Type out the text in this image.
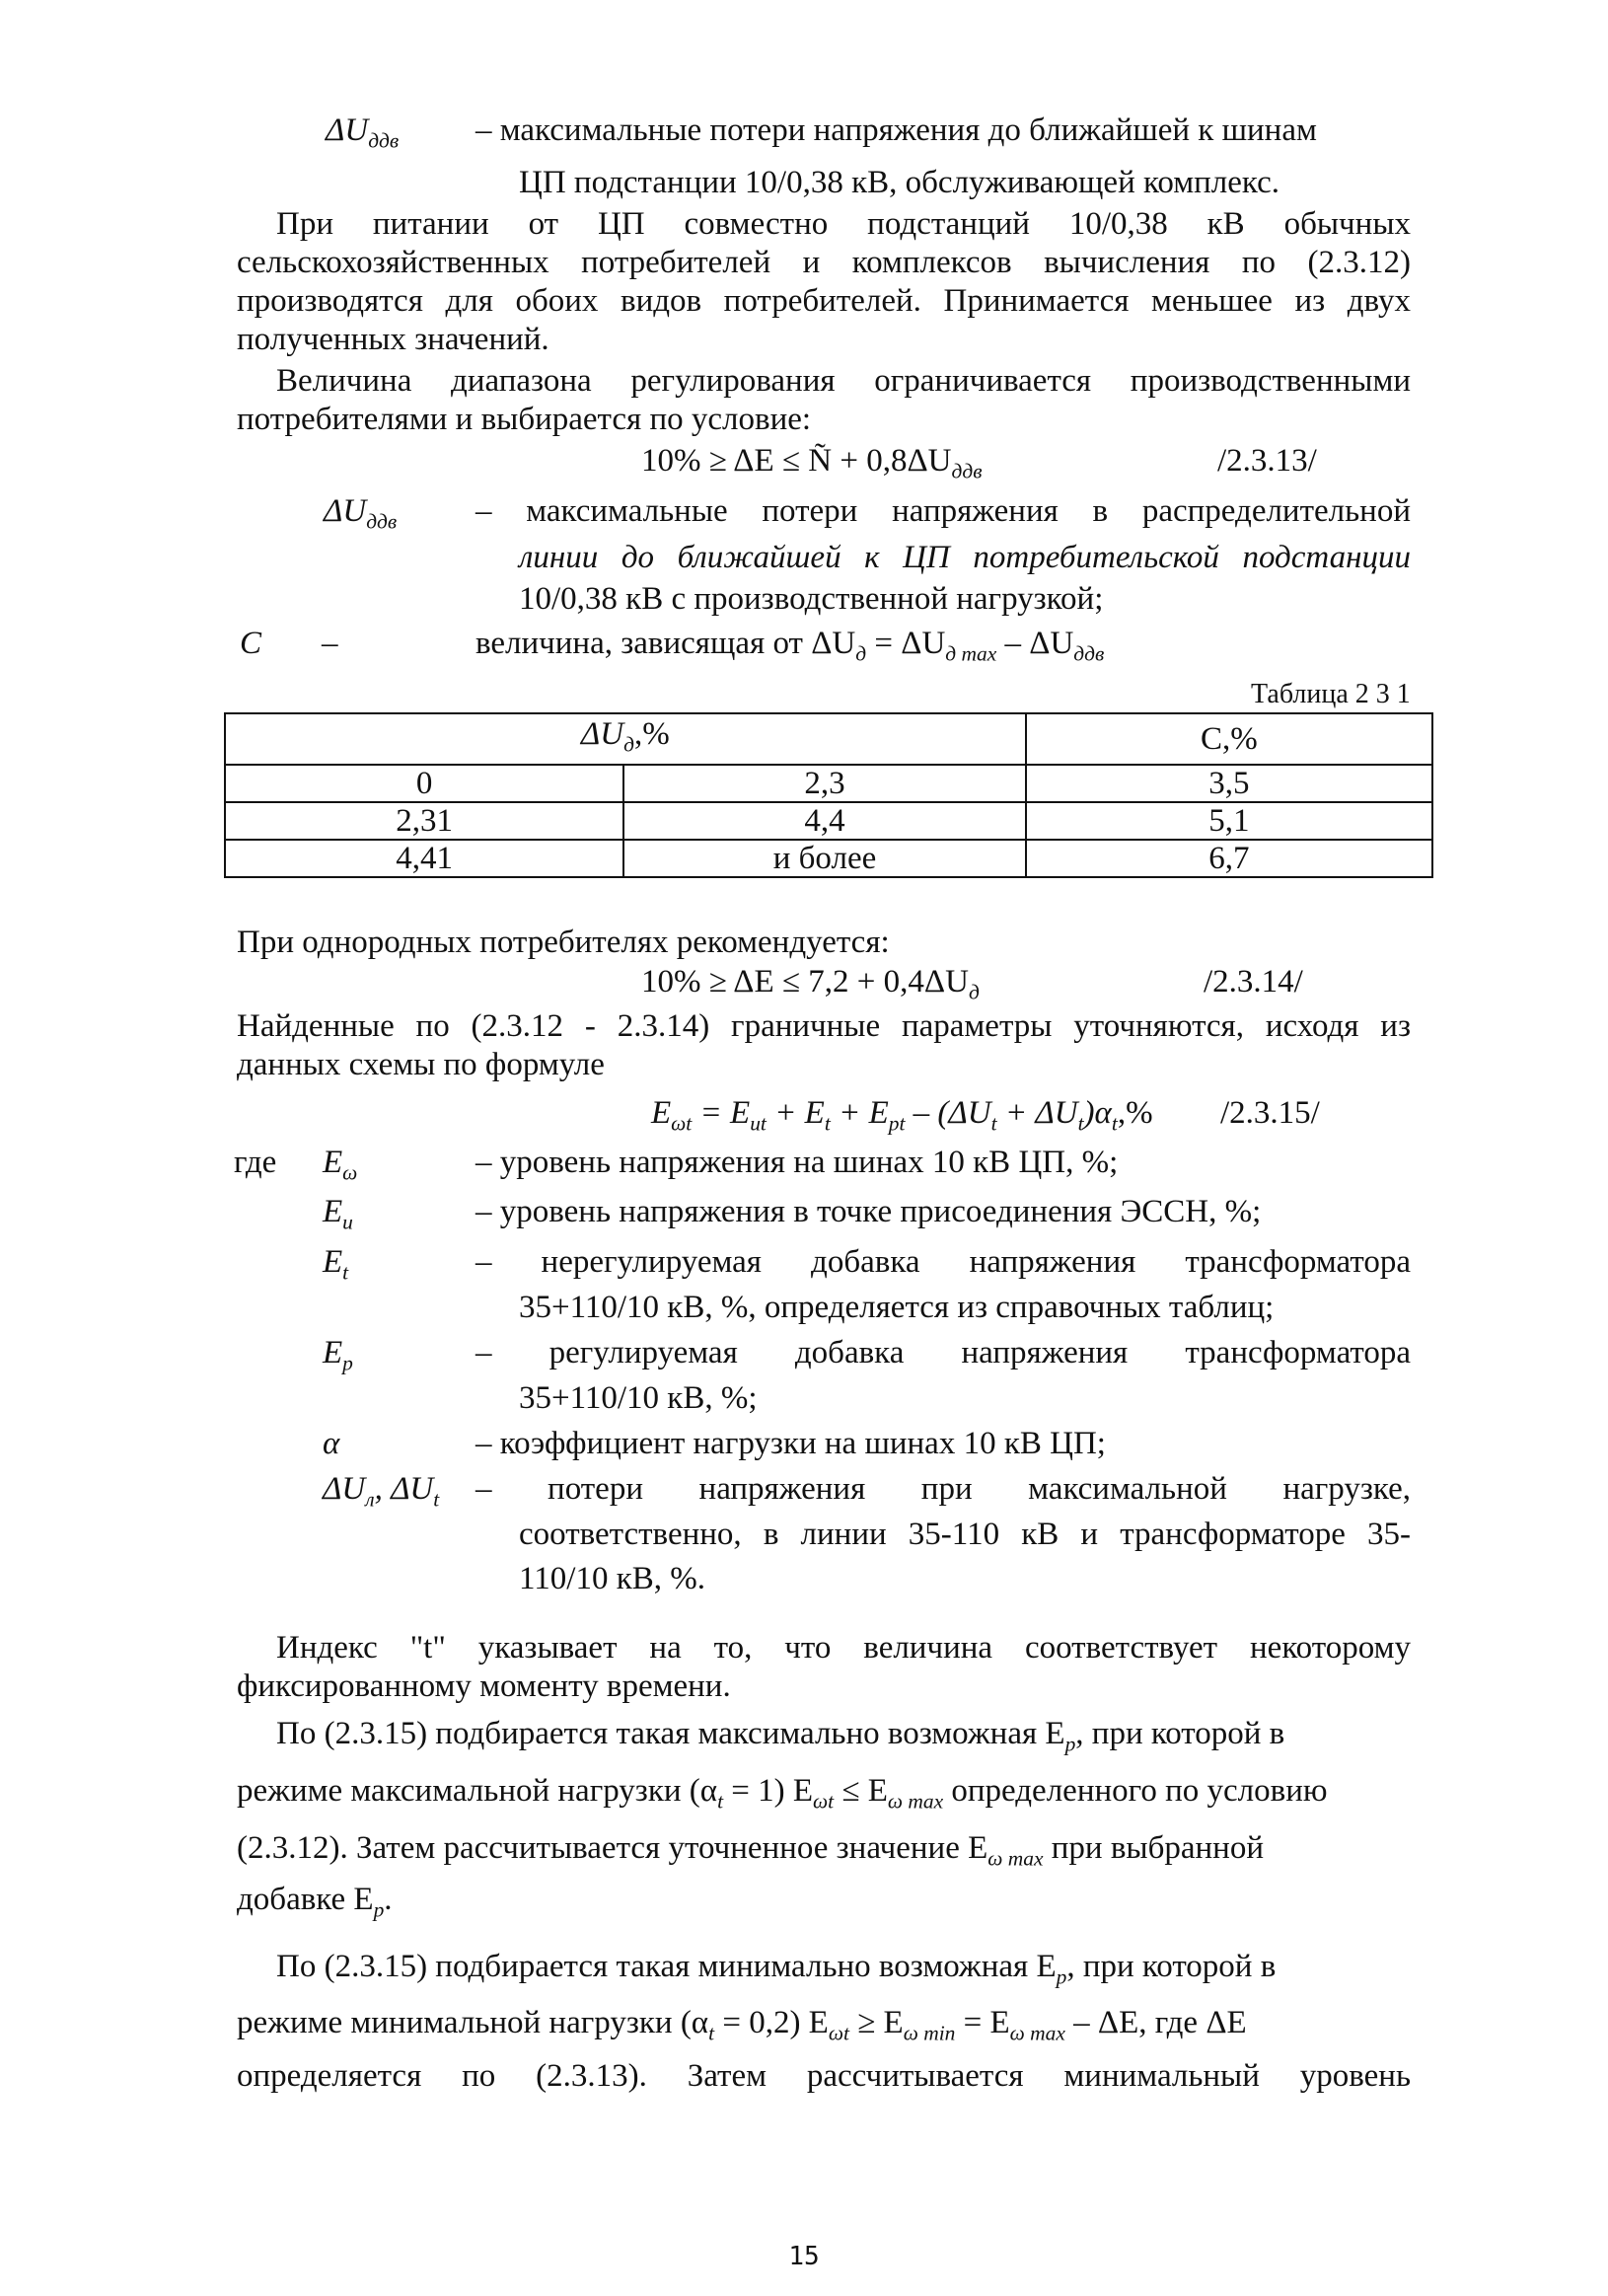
$\Delta U_{ддв}$ – максимальные потери напряжения до ближайшей к шинам
ЦП подстанции 10/0,38 кВ, обслуживающей комплекс.
При питании от ЦП совместно подстанций 10/0,38 кВ обычных
сельскохозяйственных потребителей и комплексов вычисления по (2.3.12)
производятся для обоих видов потребителей. Принимается меньшее из двух
полученных значений.
Величина диапазона регулирования ограничивается производственными
потребителями и выбирается по условие:
10% ≥ ΔE ≤ Ñ + $0,8\Delta U_{ддв}$	/2.3.13/
$\Delta U_{ддв}$ – максимальные потери напряжения в распределительной
линии до ближайшей к ЦП потребительской подстанции
10/0,38 кВ с производственной нагрузкой;
C –	величина, зависящая от $\Delta U_д = \Delta U_{д max} - \Delta U_{ддв}$
Таблица 2 3 1
$\Delta U_д,\%$		C,%
0	2,3	3,5
2,31	4,4	5,1
4,41	и более	6,7
При однородных потребителях рекомендуется:
$10\% \ge \Delta E \le 7,2 + 0,4\Delta U_д$	/2.3.14/
Найденные по (2.3.12 - 2.3.14) граничные параметры уточняются, исходя из
данных схемы по формуле
$E_{\omega t} = E_{ut} + E_t + E_{pt} - (\Delta U_t + \Delta U_t)\alpha_t,\%$ /2.3.15/
где $E_\omega$	– уровень напряжения на шинах 10 кВ ЦП, %;
$E_u$	– уровень напряжения в точке присоединения ЭССН, %;
$E_t$	– нерегулируемая добавка напряжения трансформатора
35+110/10 кВ, %, определяется из справочных таблиц;
$E_p$	– регулируемая добавка напряжения трансформатора
35+110/10 кВ, %;
α	– коэффициент нагрузки на шинах 10 кВ ЦП;
$\Delta U_л$, $\Delta U_t$ – потери напряжения при максимальной нагрузке,
соответственно, в линии 35-110 кВ и трансформаторе 35-
110/10 кВ, %.
Индекс "t" указывает на то, что величина соответствует некоторому
фиксированному моменту времени.
По (2.3.15) подбирается такая максимально возможная $E_p$, при которой в
режиме максимальной нагрузки $(\alpha_t = 1) E_{\omega t} \le E_{\omega max}$ определенного по условию
(2.3.12). Затем рассчитывается уточненное значение $E_{\omega max}$ при выбранной
добавке $E_p$.
По (2.3.15) подбирается такая минимально возможная $E_p$, при которой в
режиме минимальной нагрузки $(\alpha_t = 0,2) E_{\omega t} \ge E_{\omega min} = E_{\omega max} - \Delta E$, где ΔE
определяется по (2.3.13). Затем рассчитывается минимальный уровень
15
